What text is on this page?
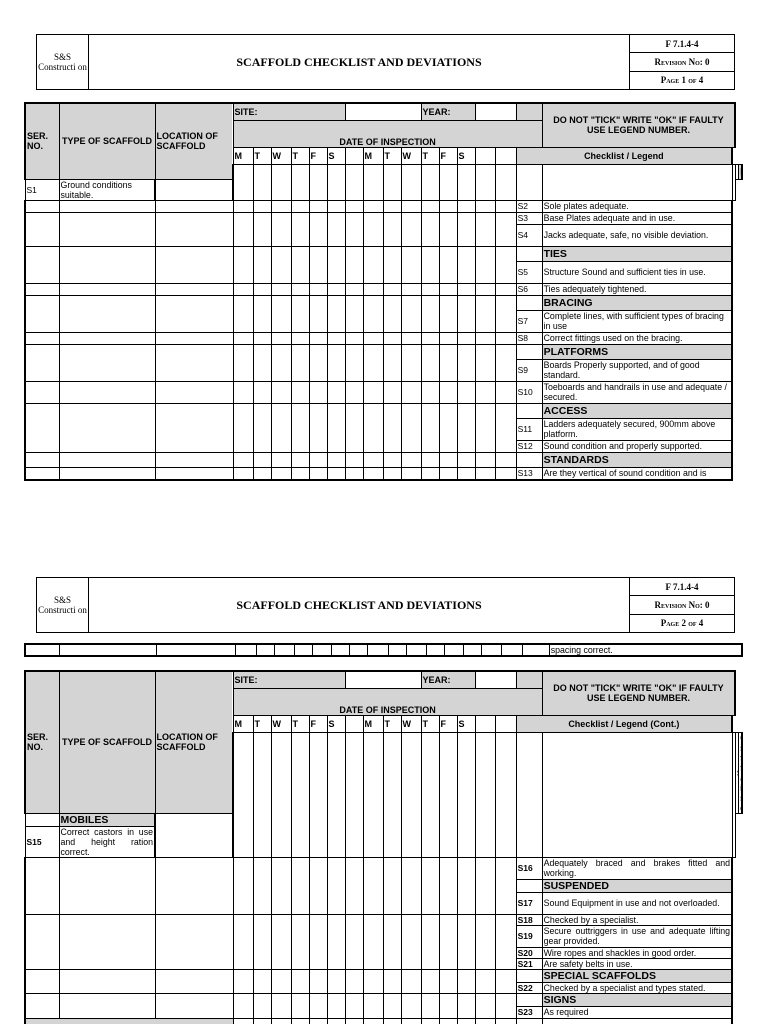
S&S Constructi on	SCAFFOLD CHECKLIST AND DEVIATIONS	F 7.1.4-4
Revision No: 0
Page 1 of 4
SER. NO.	TYPE OF SCAFFOLD	LOCATION OF SCAFFOLD	SITE:										YEAR:						DO NOT "TICK" WRITE "OK" IF FAULTY USE LEGEND NUMBER.			
			DATE OF INSPECTION																			
			M	T	W	T	F	S		M	T	W	T	F	S			Checklist / Legend				

S1	Ground conditions suitable.																					
																		S2	Sole plates adequate.			
																		S3	Base Plates adequate and in use.			
																		S4	Jacks adequate, safe, no visible deviation.			
																			TIES			
																		S5	Structure Sound and sufficient ties in use.			
																		S6	Ties adequately tightened.			
																			BRACING			
																		S7	Complete lines, with sufficient types of bracing in use			
																		S8	Correct fittings used on the bracing.			
																			PLATFORMS			
																		S9	Boards Properly supported, and of good standard.			
																		S10	Toeboards and handrails in use and adequate / secured.			
																			ACCESS			
																		S11	Ladders adequately secured, 900mm above platform.			
																		S12	Sound condition and properly supported.			
																			STANDARDS			
																		S13	Are they vertical of sound condition and is			
S&S Constructi on	SCAFFOLD CHECKLIST AND DEVIATIONS	F 7.1.4-4
Revision No: 0
Page 2 of 4
																			spacing correct.
SER. NO.	TYPE OF SCAFFOLD	LOCATION OF SCAFFOLD	SITE:										YEAR:						DO NOT "TICK" WRITE "OK" IF FAULTY USE LEGEND NUMBER.			
			DATE OF INSPECTION																			
			M	T	W	T	F	S		M	T	W	T	F	S			Checklist / Legend (Cont.)				

	MOBILES																					
S15	Correct castors in use and height ration correct.																					
																		S16	Adequately braced and brakes fitted and working.			
																			SUSPENDED			
																		S17	Sound Equipment in use and not overloaded.			
																		S18	Checked by a specialist.			
																		S19	Secure outtriggers in use and adequate lifting gear provided.			
																		S20	Wire ropes and shackles in good order.			
																		S21	Are safety belts in use.			
																			SPECIAL SCAFFOLDS			
																		S22	Checked by a specialist and types stated.			
																			SIGNS			
																		S23	As required			
